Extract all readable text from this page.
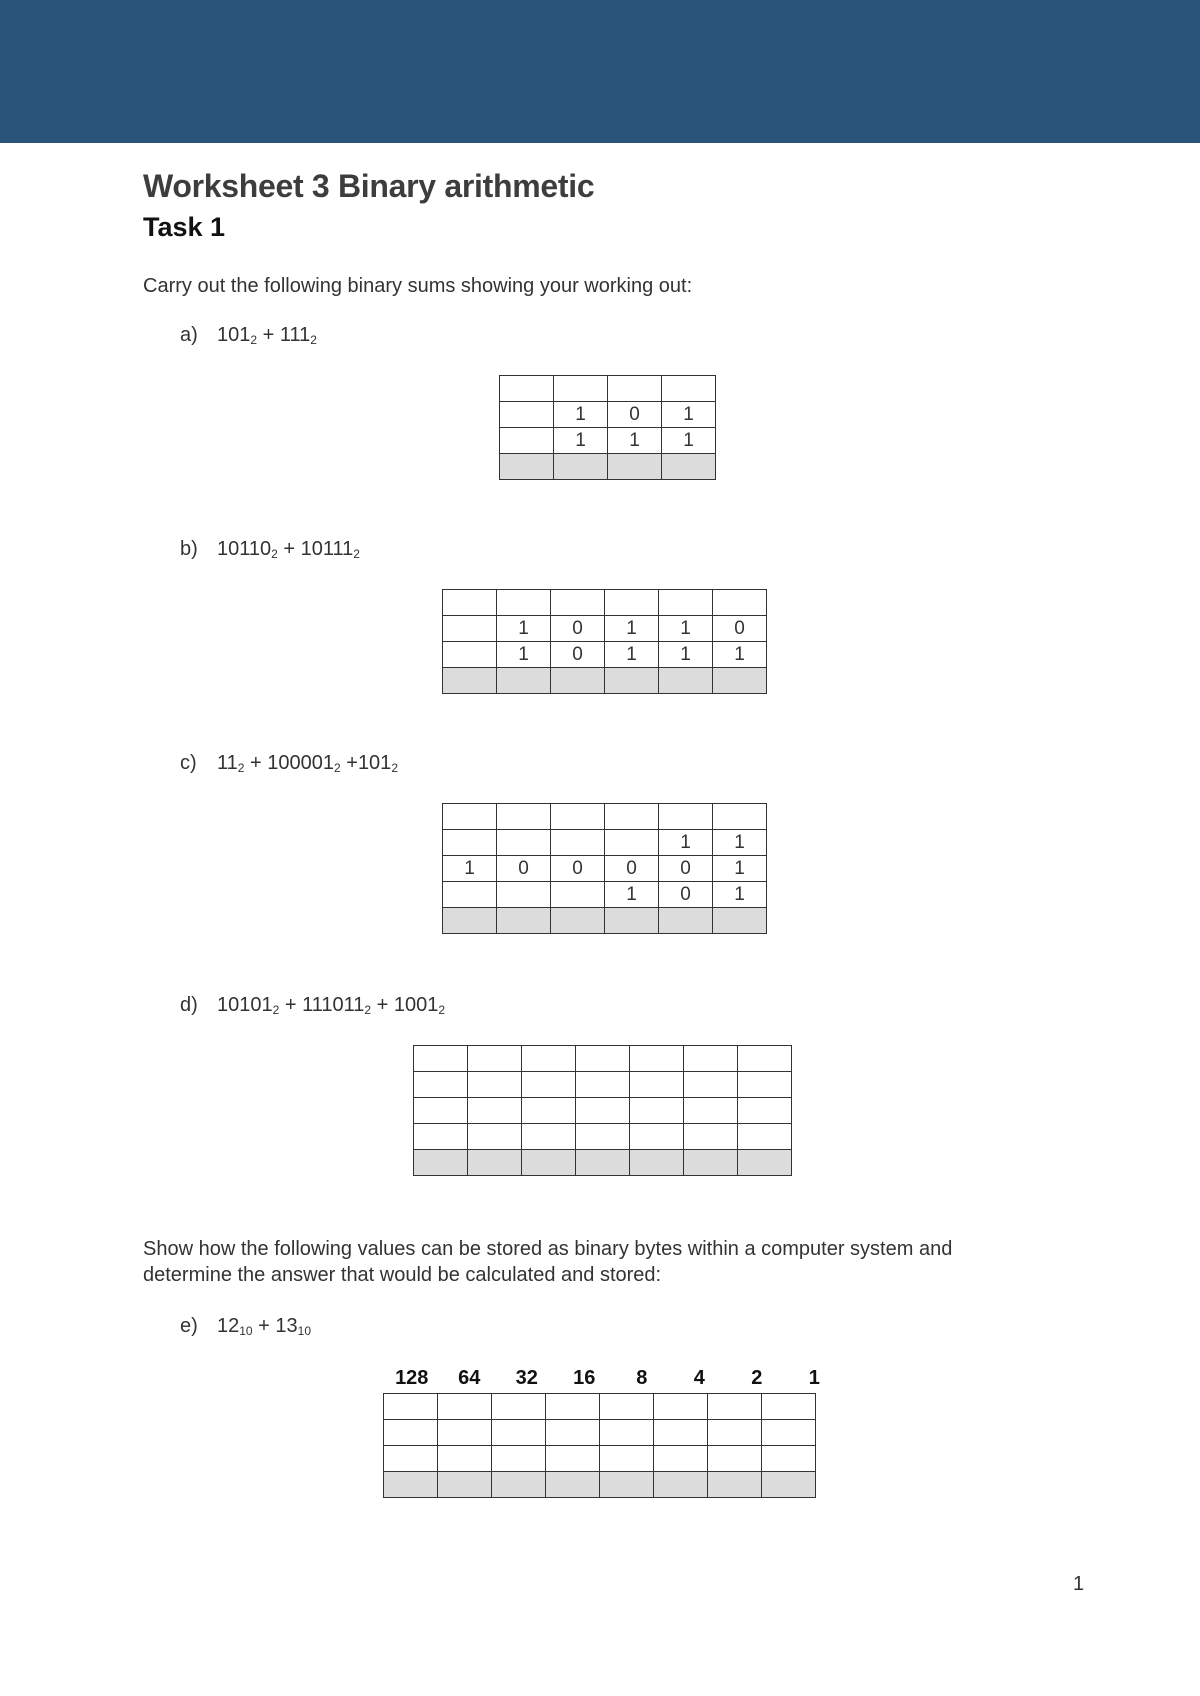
Worksheet 3 Binary arithmetic
Task 1

Carry out the following binary sums showing your working out:

a) $101_2 + 111_2$

	1	0	1
	1	1	1

b) $10110_2 + 10111_2$

	1	0	1	1	0
	1	0	1	1	1

c) $11_2 + 100001_2 +101_2$

				1	1
1	0	0	0	0	1
			1	0	1

d) $10101_2 + 111011_2 + 1001_2$

Show how the following values can be stored as binary bytes within a computer system and

determine the answer that would be calculated and stored:

e) $12_{10} + 13_{10}$
128	64	32	16	8	4	2	1

1
